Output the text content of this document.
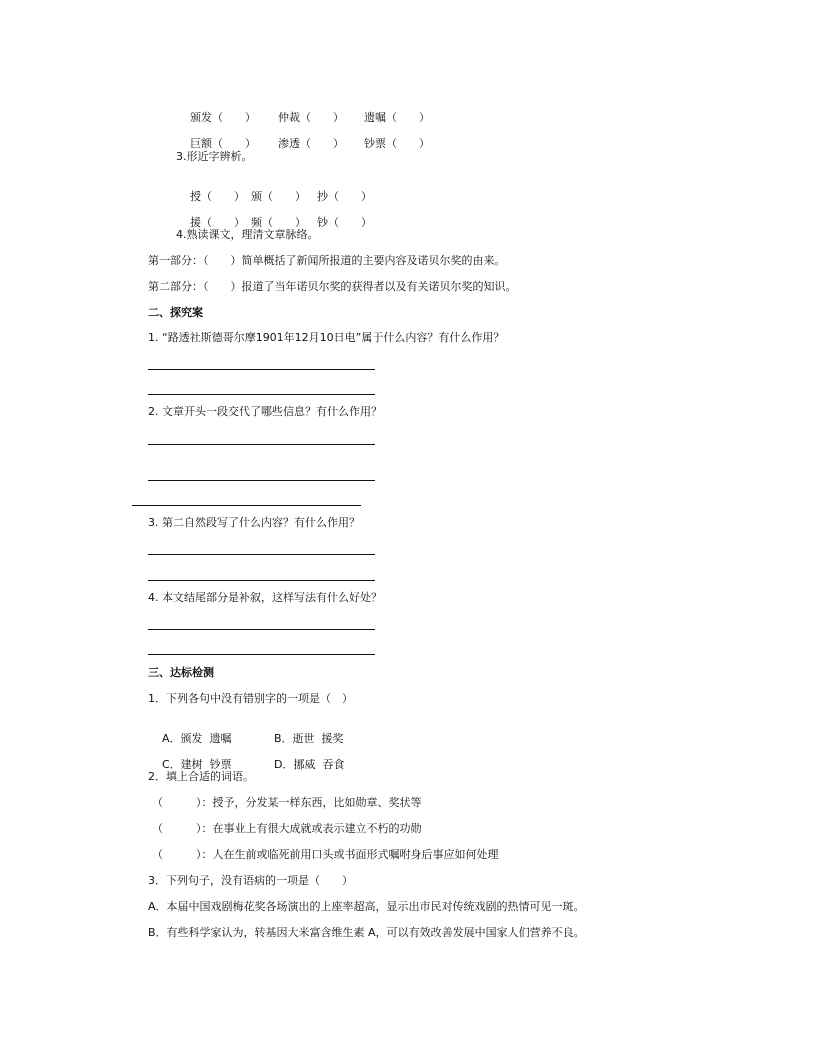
颁发（　　） 仲裁（　　） 遗嘱（　　）

巨额（　　） 渗透（　　） 钞票（　　）

3.形近字辨析。

授（　　） 颁（　　） 抄（　　）

援（　　） 频（　　） 钞（　　）

4.熟读课文，理清文章脉络。
第一部分：（　　）简单概括了新闻所报道的主要内容及诺贝尔奖的由来。
第二部分：（　　）报道了当年诺贝尔奖的获得者以及有关诺贝尔奖的知识。
二、探究案
1. “路透社斯德哥尔摩1901年12月10日电”属于什么内容？有什么作用？
2. 文章开头一段交代了哪些信息？有什么作用？
3. 第二自然段写了什么内容？有什么作用？
4. 本文结尾部分是补叙，这样写法有什么好处？
三、达标检测
1．下列各句中没有错别字的一项是（　）

A．颁发  遗嘱	B．逝世  援奖

C．建树  钞票	D．挪威  吞食

2．填上合适的词语。
（　　　）：授予，分发某一样东西，比如勋章、奖状等
（　　　）：在事业上有很大成就或表示建立不朽的功勋
（　　　）：人在生前或临死前用口头或书面形式嘱咐身后事应如何处理
3．下列句子，没有语病的一项是（　　）
A．本届中国戏剧梅花奖各场演出的上座率超高，显示出市民对传统戏剧的热情可见一斑。
B．有些科学家认为，转基因大米富含维生素 A，可以有效改善发展中国家人们营养不良。
